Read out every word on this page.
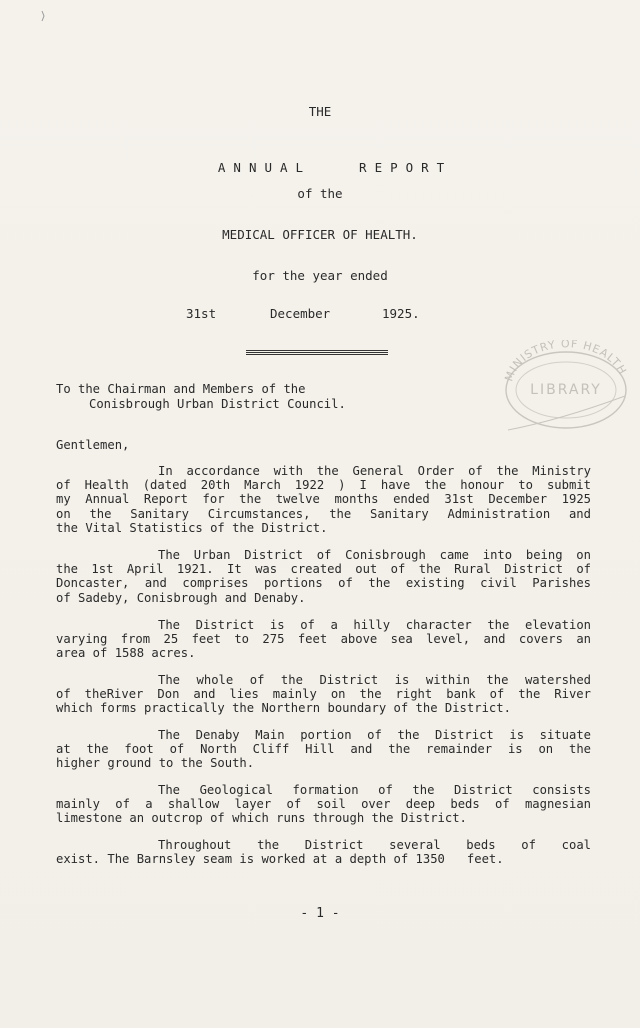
THE

ANNUAL	REPORT

of the
MEDICAL OFFICER OF HEALTH.
for the year ended
31st	December	1925.
MINISTRY OF HEALTH
LIBRARY
To the Chairman and Members of the
Conisbrough Urban District Council.
Gentlemen,
In accordance with the General Order of the Ministry
of Health (dated 20th March 1922 ) I have the honour to submit
my Annual Report for the twelve months ended 31st December 1925
on the Sanitary Circumstances, the Sanitary Administration and
the Vital Statistics of the District.
The Urban District of Conisbrough came into being on
the 1st April 1921. It was created out of the Rural District of
Doncaster, and comprises portions of the existing civil Parishes
of Sadeby, Conisbrough and Denaby.
The District is of a hilly character the elevation
varying from 25 feet to 275 feet above sea level, and covers an
area of 1588 acres.
The whole of the District is within the watershed
of theRiver Don and lies mainly on the right bank of the River
which forms practically the Northern boundary of the District.
The Denaby Main portion of the District is situate
at the foot of North Cliff Hill and the remainder is on the
higher ground to the South.
The Geological formation of the District consists
mainly of a shallow layer of soil over deep beds of magnesian
limestone an outcrop of which runs through the District.
Throughout the District several beds of coal
exist. The Barnsley seam is worked at a depth of 1350   feet.
- 1 -
